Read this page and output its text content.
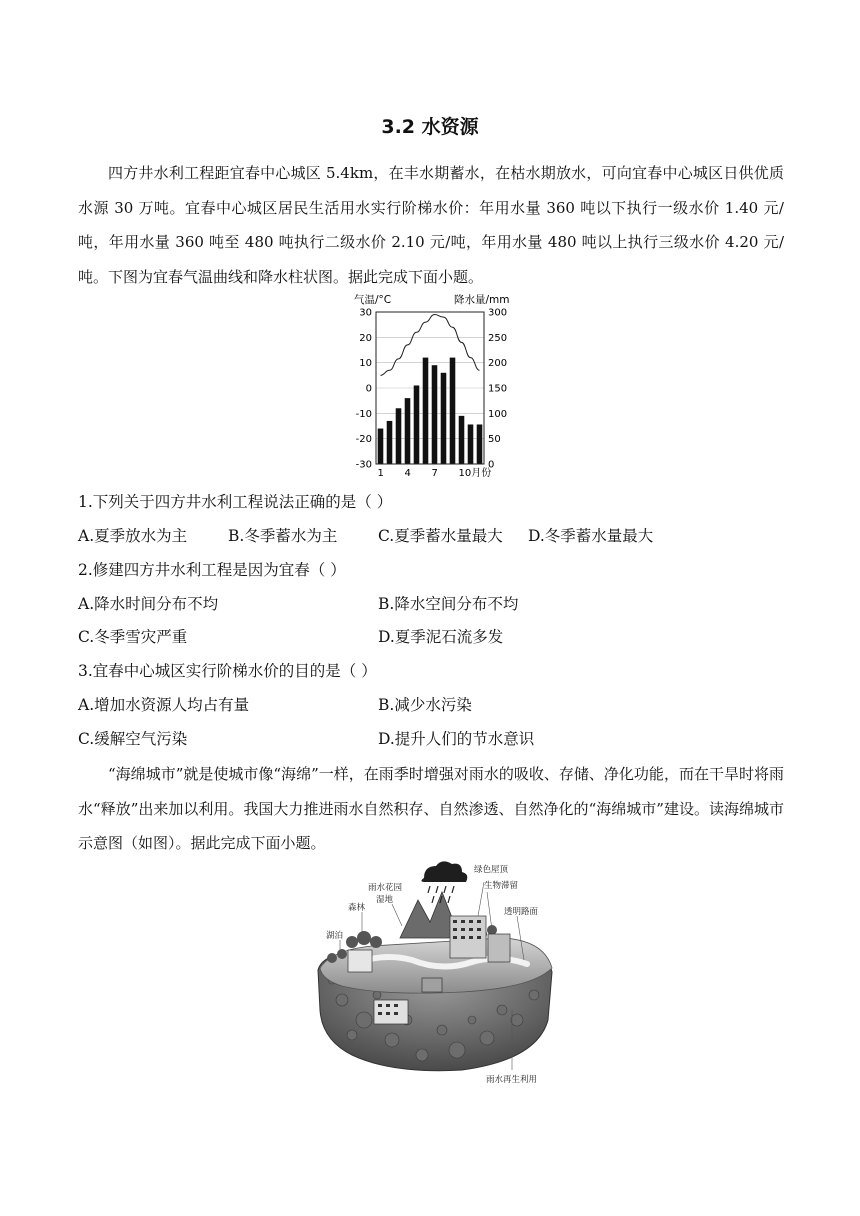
3.2 水资源

四方井水利工程距宜春中心城区 5.4km，在丰水期蓄水，在枯水期放水，可向宜春中心城区日供优质水源 30 万吨。宜春中心城区居民生活用水实行阶梯水价：年用水量 360 吨以下执行一级水价 1.40 元/吨，年用水量 360 吨至 480 吨执行二级水价 2.10 元/吨，年用水量 480 吨以上执行三级水价 4.20 元/吨。下图为宜春气温曲线和降水柱状图。据此完成下面小题。

气温/°C	降水量/mm
30	300
20	250
10	200
0	150
-10	100
-20	50
-30	0
1 4 7 10月份
1.下列关于四方井水利工程说法正确的是（ ）
A.夏季放水为主	B.冬季蓄水为主	C.夏季蓄水量最大 D.冬季蓄水量最大
2.修建四方井水利工程是因为宜春（ ）
A.降水时间分布不均	B.降水空间分布不均
C.冬季雪灾严重	D.夏季泥石流多发
3.宜春中心城区实行阶梯水价的目的是（ ）
A.增加水资源人均占有量	B.减少水污染
C.缓解空气污染	D.提升人们的节水意识

“海绵城市”就是使城市像“海绵”一样，在雨季时增强对雨水的吸收、存储、净化功能，而在干旱时将雨水“释放”出来加以利用。我国大力推进雨水自然积存、自然渗透、自然净化的“海绵城市”建设。读海绵城市示意图（如图）。据此完成下面小题。

湖泊
森林
雨水花园
湿地
绿色屋顶
生物滞留
透明路面
雨水再生利用
